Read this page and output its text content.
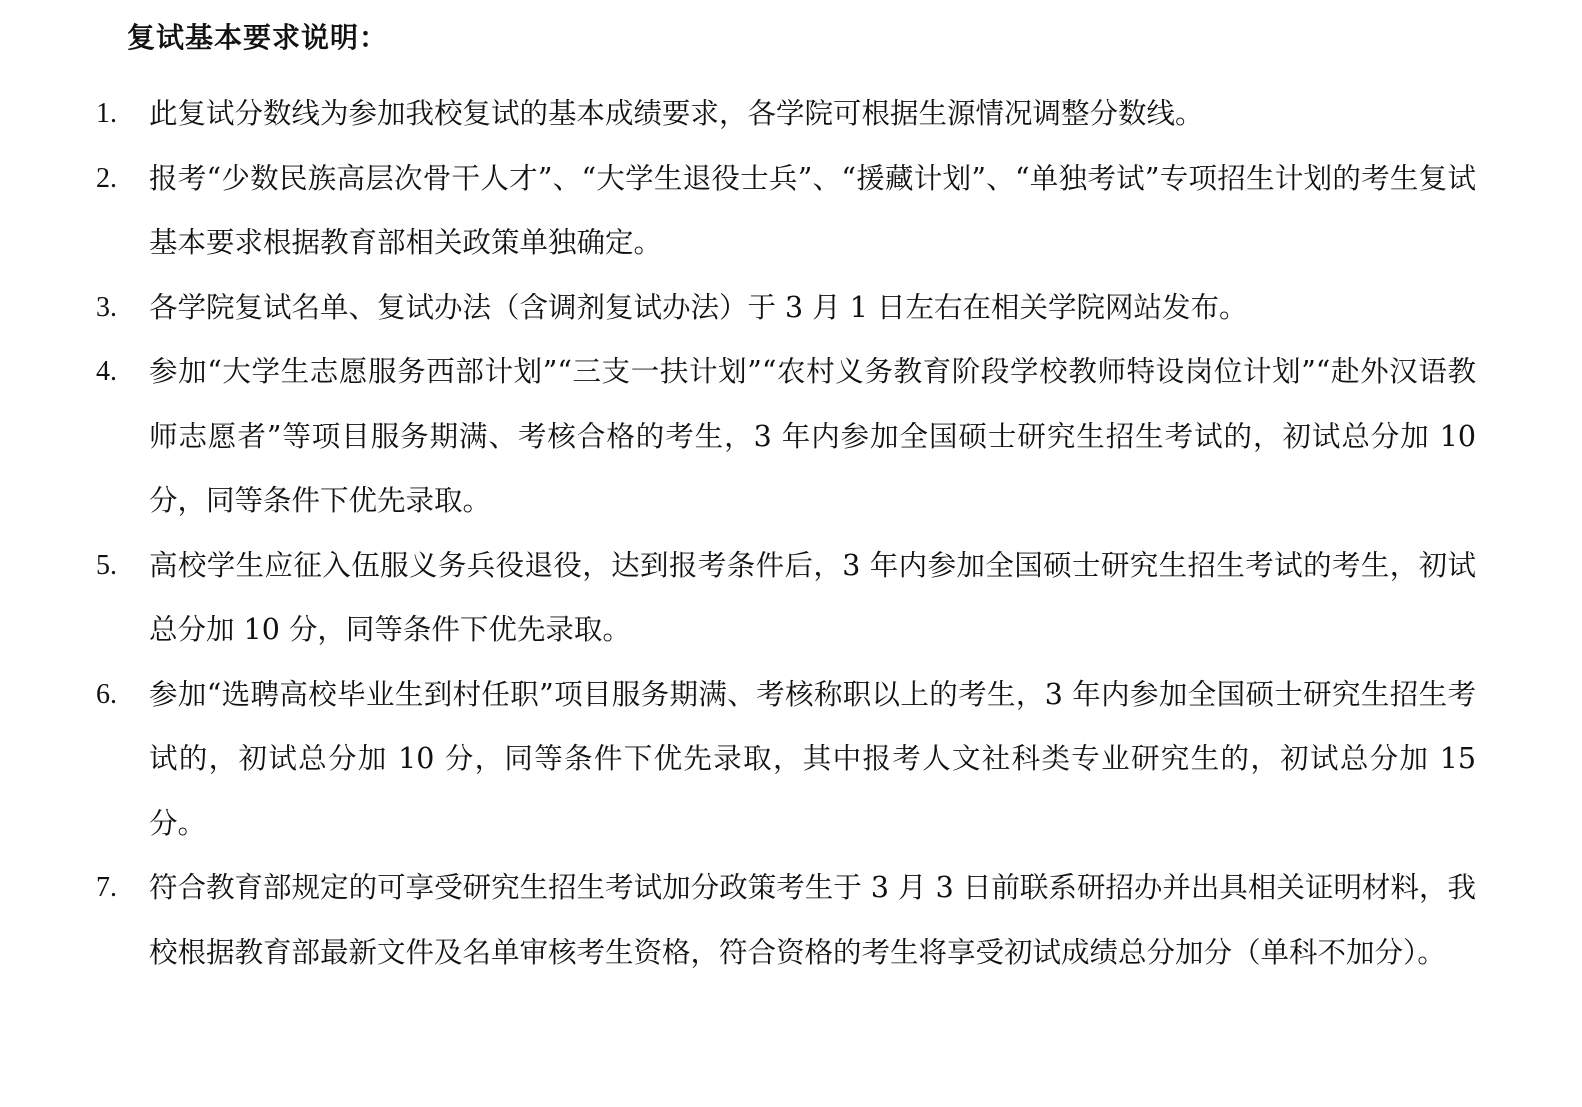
复试基本要求说明：
1. 此复试分数线为参加我校复试的基本成绩要求，各学院可根据生源情况调整分数线。
2. 报考“少数民族高层次骨干人才”、“大学生退役士兵”、“援藏计划”、“单独考试”专项招生计划的考生复试基本要求根据教育部相关政策单独确定。
3. 各学院复试名单、复试办法（含调剂复试办法）于 3 月 1 日左右在相关学院网站发布。
4. 参加“大学生志愿服务西部计划”“三支一扶计划”“农村义务教育阶段学校教师特设岗位计划”“赴外汉语教师志愿者”等项目服务期满、考核合格的考生，3 年内参加全国硕士研究生招生考试的，初试总分加 10 分，同等条件下优先录取。
5. 高校学生应征入伍服义务兵役退役，达到报考条件后，3 年内参加全国硕士研究生招生考试的考生，初试总分加 10 分，同等条件下优先录取。
6. 参加“选聘高校毕业生到村任职”项目服务期满、考核称职以上的考生，3 年内参加全国硕士研究生招生考试的，初试总分加 10 分，同等条件下优先录取，其中报考人文社科类专业研究生的，初试总分加 15 分。
7. 符合教育部规定的可享受研究生招生考试加分政策考生于 3 月 3 日前联系研招办并出具相关证明材料，我校根据教育部最新文件及名单审核考生资格，符合资格的考生将享受初试成绩总分加分（单科不加分）。
